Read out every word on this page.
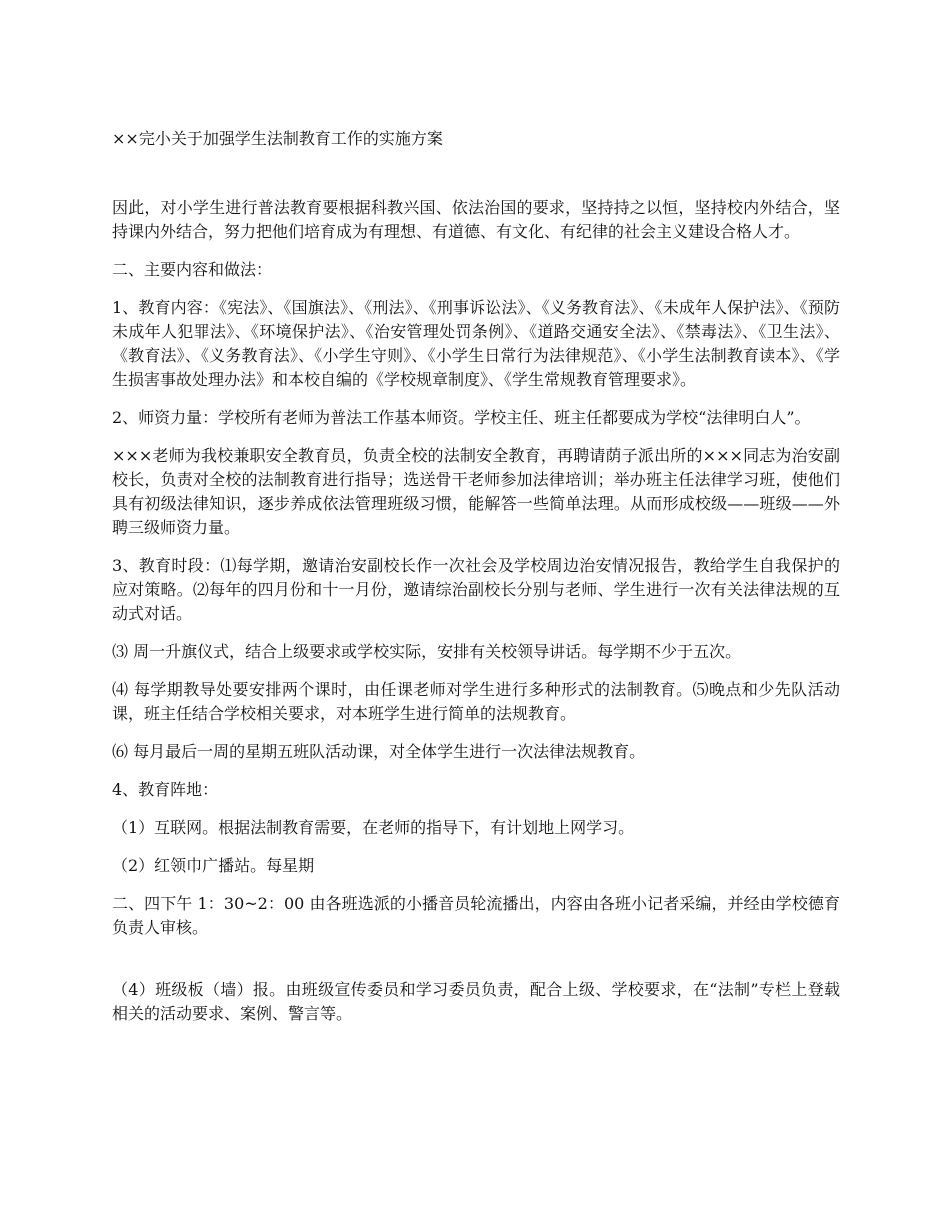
××完小关于加强学生法制教育工作的实施方案

因此，对小学生进行普法教育要根据科教兴国、依法治国的要求，坚持持之以恒，坚持校内外结合，坚持课内外结合，努力把他们培育成为有理想、有道德、有文化、有纪律的社会主义建设合格人才。

二、主要内容和做法：

1、教育内容：《宪法》、《国旗法》、《刑法》、《刑事诉讼法》、《义务教育法》、《未成年人保护法》、《预防未成年人犯罪法》、《环境保护法》、《治安管理处罚条例》、《道路交通安全法》、《禁毒法》、《卫生法》、《教育法》、《义务教育法》、《小学生守则》、《小学生日常行为法律规范》、《小学生法制教育读本》、《学生损害事故处理办法》和本校自编的《学校规章制度》、《学生常规教育管理要求》。

2、师资力量：学校所有老师为普法工作基本师资。学校主任、班主任都要成为学校“法律明白人”。

×××老师为我校兼职安全教育员，负责全校的法制安全教育，再聘请荫子派出所的×××同志为治安副校长，负责对全校的法制教育进行指导；选送骨干老师参加法律培训；举办班主任法律学习班，使他们具有初级法律知识，逐步养成依法管理班级习惯，能解答一些简单法理。从而形成校级——班级——外聘三级师资力量。

3、教育时段：⑴每学期，邀请治安副校长作一次社会及学校周边治安情况报告，教给学生自我保护的应对策略。⑵每年的四月份和十一月份，邀请综治副校长分别与老师、学生进行一次有关法律法规的互动式对话。

⑶ 周一升旗仪式，结合上级要求或学校实际，安排有关校领导讲话。每学期不少于五次。

⑷ 每学期教导处要安排两个课时，由任课老师对学生进行多种形式的法制教育。⑸晚点和少先队活动课，班主任结合学校相关要求，对本班学生进行简单的法规教育。

⑹ 每月最后一周的星期五班队活动课，对全体学生进行一次法律法规教育。

4、教育阵地：

（1）互联网。根据法制教育需要，在老师的指导下，有计划地上网学习。

（2）红领巾广播站。每星期

二、四下午 1：30~2：00 由各班选派的小播音员轮流播出，内容由各班小记者采编，并经由学校德育负责人审核。

（4）班级板（墙）报。由班级宣传委员和学习委员负责，配合上级、学校要求，在“法制”专栏上登载相关的活动要求、案例、警言等。
